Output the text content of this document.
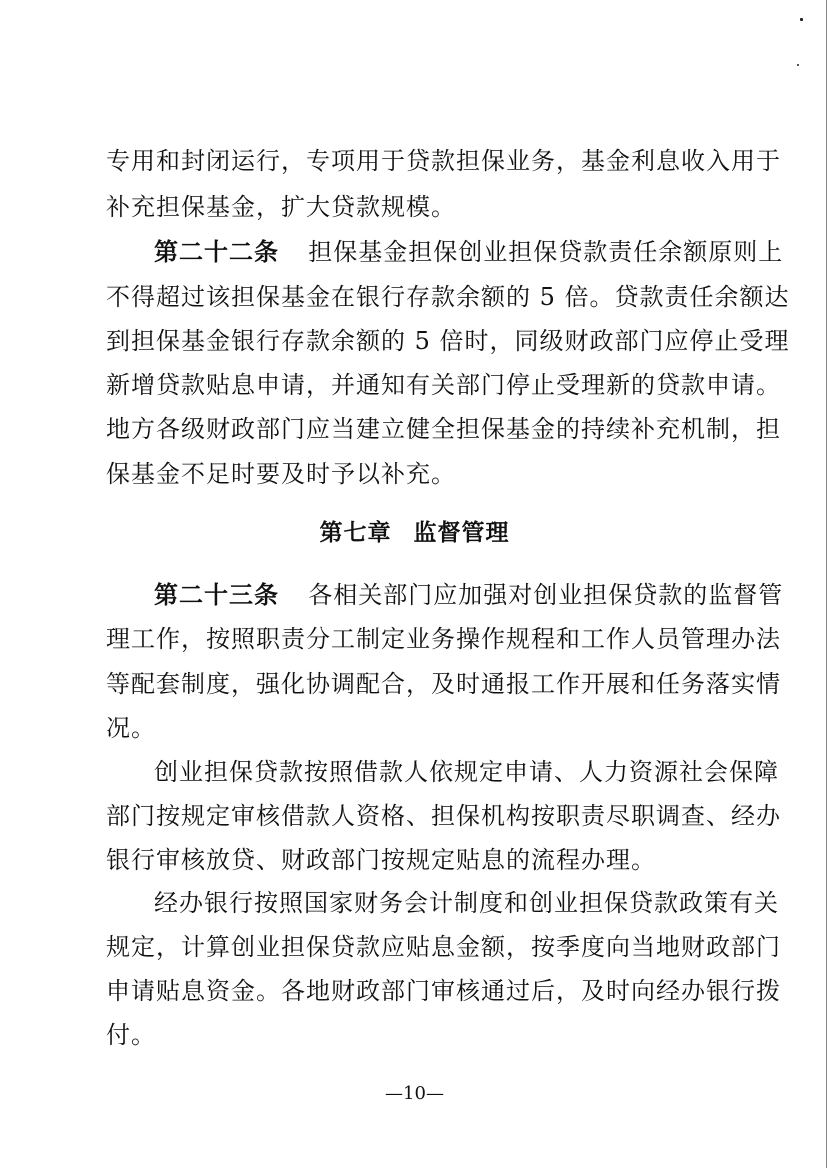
专用和封闭运行，专项用于贷款担保业务，基金利息收入用于
补充担保基金，扩大贷款规模。
第二十二条 担保基金担保创业担保贷款责任余额原则上
不得超过该担保基金在银行存款余额的 5 倍。贷款责任余额达
到担保基金银行存款余额的 5 倍时，同级财政部门应停止受理
新增贷款贴息申请，并通知有关部门停止受理新的贷款申请。
地方各级财政部门应当建立健全担保基金的持续补充机制，担
保基金不足时要及时予以补充。
第七章 监督管理
第二十三条 各相关部门应加强对创业担保贷款的监督管
理工作，按照职责分工制定业务操作规程和工作人员管理办法
等配套制度，强化协调配合，及时通报工作开展和任务落实情
况。
创业担保贷款按照借款人依规定申请、人力资源社会保障
部门按规定审核借款人资格、担保机构按职责尽职调查、经办
银行审核放贷、财政部门按规定贴息的流程办理。
经办银行按照国家财务会计制度和创业担保贷款政策有关
规定，计算创业担保贷款应贴息金额，按季度向当地财政部门
申请贴息资金。各地财政部门审核通过后，及时向经办银行拨
付。
—10—
